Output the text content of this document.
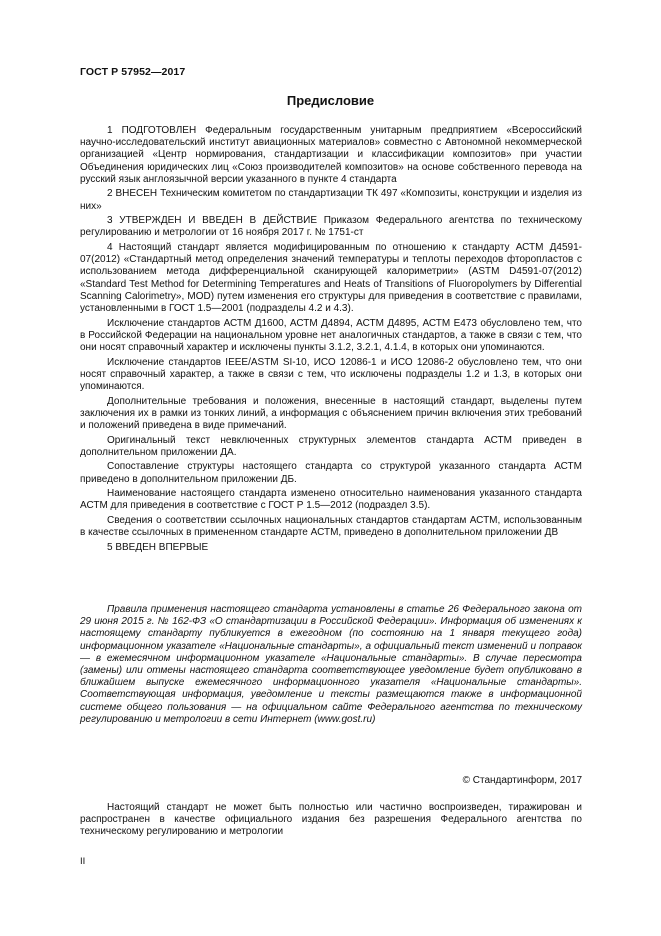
ГОСТ Р 57952—2017
Предисловие

1 ПОДГОТОВЛЕН Федеральным государственным унитарным предприятием «Всероссийский научно-исследовательский институт авиационных материалов» совместно с Автономной некоммерческой организацией «Центр нормирования, стандартизации и классификации композитов» при участии Объединения юридических лиц «Союз производителей композитов» на основе собственного перевода на русский язык англоязычной версии указанного в пункте 4 стандарта

2 ВНЕСЕН Техническим комитетом по стандартизации ТК 497 «Композиты, конструкции и изделия из них»

3 УТВЕРЖДЕН И ВВЕДЕН В ДЕЙСТВИЕ Приказом Федерального агентства по техническому регулированию и метрологии от 16 ноября 2017 г. № 1751-ст

4 Настоящий стандарт является модифицированным по отношению к стандарту АСТМ Д4591-07(2012) «Стандартный метод определения значений температуры и теплоты переходов фторопластов с использованием метода дифференциальной сканирующей калориметрии» (ASTM D4591-07(2012) «Standard Test Method for Determining Temperatures and Heats of Transitions of Fluoropolymers by Differential Scanning Calorimetry», MOD) путем изменения его структуры для приведения в соответствие с правилами, установленными в ГОСТ 1.5—2001 (подразделы 4.2 и 4.3).

Исключение стандартов АСТМ Д1600, АСТМ Д4894, АСТМ Д4895, АСТМ Е473 обусловлено тем, что в Российской Федерации на национальном уровне нет аналогичных стандартов, а также в связи с тем, что они носят справочный характер и исключены пункты 3.1.2, 3.2.1, 4.1.4, в которых они упоминаются.

Исключение стандартов IEEE/ASTM SI-10, ИСО 12086-1 и ИСО 12086-2 обусловлено тем, что они носят справочный характер, а также в связи с тем, что исключены подразделы 1.2 и 1.3, в которых они упоминаются.

Дополнительные требования и положения, внесенные в настоящий стандарт, выделены путем заключения их в рамки из тонких линий, а информация с объяснением причин включения этих требований и положений приведена в виде примечаний.

Оригинальный текст невключенных структурных элементов стандарта АСТМ приведен в дополнительном приложении ДА.

Сопоставление структуры настоящего стандарта со структурой указанного стандарта АСТМ приведено в дополнительном приложении ДБ.

Наименование настоящего стандарта изменено относительно наименования указанного стандарта АСТМ для приведения в соответствие с ГОСТ Р 1.5—2012 (подраздел 3.5).

Сведения о соответствии ссылочных национальных стандартов стандартам АСТМ, использованным в качестве ссылочных в примененном стандарте АСТМ, приведено в дополнительном приложении ДВ

5 ВВЕДЕН ВПЕРВЫЕ

Правила применения настоящего стандарта установлены в статье 26 Федерального закона от 29 июня 2015 г. № 162-ФЗ «О стандартизации в Российской Федерации». Информация об изменениях к настоящему стандарту публикуется в ежегодном (по состоянию на 1 января текущего года) информационном указателе «Национальные стандарты», а официальный текст изменений и поправок — в ежемесячном информационном указателе «Национальные стандарты». В случае пересмотра (замены) или отмены настоящего стандарта соответствующее уведомление будет опубликовано в ближайшем выпуске ежемесячного информационного указателя «Национальные стандарты». Соответствующая информация, уведомление и тексты размещаются также в информационной системе общего пользования — на официальном сайте Федерального агентства по техническому регулированию и метрологии в сети Интернет (www.gost.ru)

© Стандартинформ, 2017

Настоящий стандарт не может быть полностью или частично воспроизведен, тиражирован и распространен в качестве официального издания без разрешения Федерального агентства по техническому регулированию и метрологии

II
